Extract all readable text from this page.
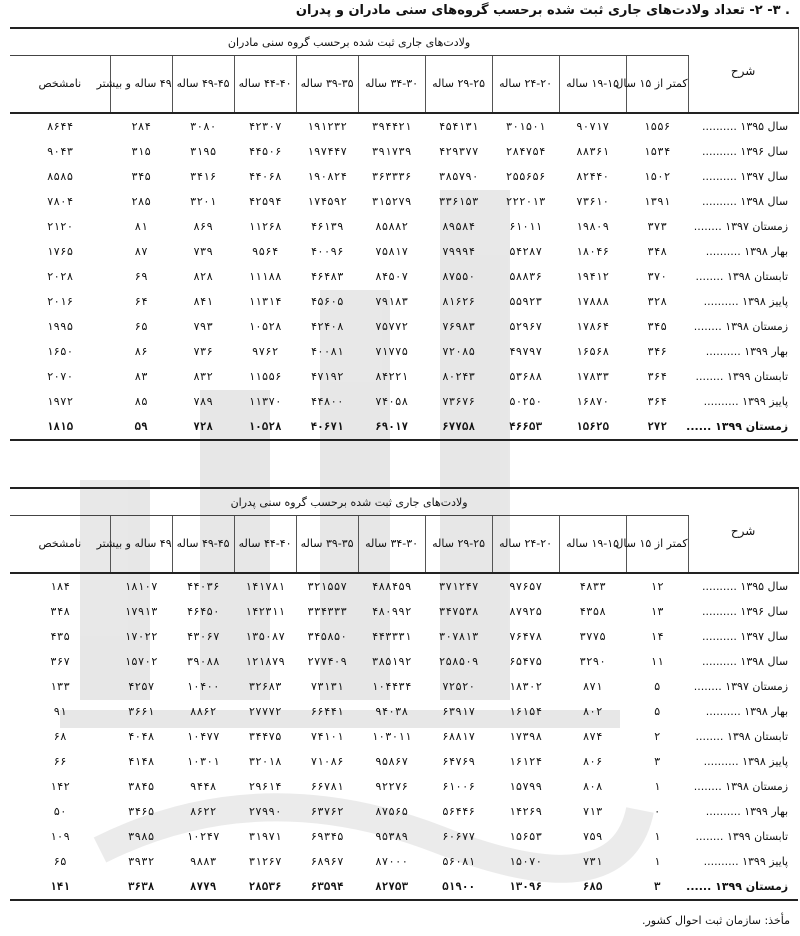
. ۳- ۲- تعداد ولادت‌های جاری ثبت شده برحسب گروه‌های سنی مادران و پدران
شرح	ولادت‌های جاری ثبت شده برحسب گروه سنی مادران									
	کمتر از ۱۵ سال	۱۹-۱۵ ساله	۲۴-۲۰ ساله	۲۹-۲۵ ساله	۳۴-۳۰ ساله	۳۹-۳۵ ساله	۴۴-۴۰ ساله	۴۹-۴۵ ساله	۴۹ ساله و بیشتر	نامشخص
سال ۱۳۹۵ ..........	۱۵۵۶	۹۰۷۱۷	۳۰۱۵۰۱	۴۵۴۱۳۱	۳۹۴۴۲۱	۱۹۱۲۳۲	۴۲۳۰۷	۳۰۸۰	۲۸۴	۸۶۴۴
سال ۱۳۹۶ ..........	۱۵۳۴	۸۸۳۶۱	۲۸۴۷۵۴	۴۲۹۳۷۷	۳۹۱۷۳۹	۱۹۷۴۴۷	۴۴۵۰۶	۳۱۹۵	۳۱۵	۹۰۴۳
سال ۱۳۹۷ ..........	۱۵۰۲	۸۲۴۴۰	۲۵۵۶۵۶	۳۸۵۷۹۰	۳۶۳۳۳۶	۱۹۰۸۲۴	۴۴۰۶۸	۳۴۱۶	۳۴۵	۸۵۸۵
سال ۱۳۹۸ ..........	۱۳۹۱	۷۳۶۱۰	۲۲۲۰۱۳	۳۳۶۱۵۳	۳۱۵۲۷۹	۱۷۴۵۹۲	۴۲۵۹۴	۳۲۰۱	۲۸۵	۷۸۰۴
زمستان ۱۳۹۷ ........	۳۷۳	۱۹۸۰۹	۶۱۰۱۱	۸۹۵۸۴	۸۵۸۸۲	۴۶۱۳۹	۱۱۲۶۸	۸۶۹	۸۱	۲۱۲۰
بهار ۱۳۹۸ ..........	۳۴۸	۱۸۰۴۶	۵۴۲۸۷	۷۹۹۹۴	۷۵۸۱۷	۴۰۰۹۶	۹۵۶۴	۷۳۹	۸۷	۱۷۶۵
تابستان ۱۳۹۸ ........	۳۷۰	۱۹۴۱۲	۵۸۸۳۶	۸۷۵۵۰	۸۴۵۰۷	۴۶۴۸۳	۱۱۱۸۸	۸۲۸	۶۹	۲۰۲۸
پاییز ۱۳۹۸ ..........	۳۲۸	۱۷۸۸۸	۵۵۹۲۳	۸۱۶۲۶	۷۹۱۸۳	۴۵۶۰۵	۱۱۳۱۴	۸۴۱	۶۴	۲۰۱۶
زمستان ۱۳۹۸ ........	۳۴۵	۱۷۸۶۴	۵۲۹۶۷	۷۶۹۸۳	۷۵۷۷۲	۴۲۴۰۸	۱۰۵۲۸	۷۹۳	۶۵	۱۹۹۵
بهار ۱۳۹۹ ..........	۳۴۶	۱۶۵۶۸	۴۹۷۹۷	۷۲۰۸۵	۷۱۷۷۵	۴۰۰۸۱	۹۷۶۲	۷۳۶	۸۶	۱۶۵۰
تابستان ۱۳۹۹ ........	۳۶۴	۱۷۸۳۳	۵۳۶۸۸	۸۰۲۴۳	۸۴۲۲۱	۴۷۱۹۲	۱۱۵۵۶	۸۳۲	۸۳	۲۰۷۰
پاییز ۱۳۹۹ ..........	۳۶۴	۱۶۸۷۰	۵۰۲۵۰	۷۳۶۷۶	۷۴۰۵۸	۴۴۸۰۰	۱۱۳۷۰	۷۸۹	۸۵	۱۹۷۲
زمستان ۱۳۹۹ ......	۲۷۲	۱۵۶۲۵	۴۶۶۵۳	۶۷۷۵۸	۶۹۰۱۷	۴۰۶۷۱	۱۰۵۲۸	۷۲۸	۵۹	۱۸۱۵
شرح	ولادت‌های جاری ثبت شده برحسب گروه سنی پدران									
	کمتر از ۱۵ سال	۱۹-۱۵ ساله	۲۴-۲۰ ساله	۲۹-۲۵ ساله	۳۴-۳۰ ساله	۳۹-۳۵ ساله	۴۴-۴۰ ساله	۴۹-۴۵ ساله	۴۹ ساله و بیشتر	نامشخص
سال ۱۳۹۵ ..........	۱۲	۴۸۳۳	۹۷۶۵۷	۳۷۱۲۴۷	۴۸۸۴۵۹	۳۲۱۵۵۷	۱۴۱۷۸۱	۴۴۰۳۶	۱۸۱۰۷	۱۸۴
سال ۱۳۹۶ ..........	۱۳	۴۳۵۸	۸۷۹۲۵	۳۴۷۵۳۸	۴۸۰۹۹۲	۳۳۴۳۳۳	۱۴۲۳۱۱	۴۶۴۵۰	۱۷۹۱۳	۳۴۸
سال ۱۳۹۷ ..........	۱۴	۳۷۷۵	۷۶۴۷۸	۳۰۷۸۱۳	۴۴۳۳۳۱	۳۴۵۸۵۰	۱۳۵۰۸۷	۴۳۰۶۷	۱۷۰۲۲	۴۳۵
سال ۱۳۹۸ ..........	۱۱	۳۲۹۰	۶۵۴۷۵	۲۵۸۵۰۹	۳۸۵۱۹۲	۲۷۷۴۰۹	۱۲۱۸۷۹	۳۹۰۸۸	۱۵۷۰۲	۳۶۷
زمستان ۱۳۹۷ ........	۵	۸۷۱	۱۸۳۰۲	۷۲۵۲۰	۱۰۴۴۳۴	۷۳۱۳۱	۳۲۶۸۳	۱۰۴۰۰	۴۲۵۷	۱۳۳
بهار ۱۳۹۸ ..........	۵	۸۰۲	۱۶۱۵۴	۶۳۹۱۷	۹۴۰۳۸	۶۶۴۴۱	۲۷۷۷۲	۸۸۶۲	۳۶۶۱	۹۱
تابستان ۱۳۹۸ ........	۲	۸۷۴	۱۷۳۹۸	۶۸۸۱۷	۱۰۳۰۱۱	۷۴۱۰۱	۳۴۴۷۵	۱۰۴۷۷	۴۰۴۸	۶۸
پاییز ۱۳۹۸ ..........	۳	۸۰۶	۱۶۱۲۴	۶۴۷۶۹	۹۵۸۶۷	۷۱۰۸۶	۳۲۰۱۸	۱۰۳۰۱	۴۱۴۸	۶۶
زمستان ۱۳۹۸ ........	۱	۸۰۸	۱۵۷۹۹	۶۱۰۰۶	۹۲۲۷۶	۶۶۷۸۱	۲۹۶۱۴	۹۴۴۸	۳۸۴۵	۱۴۲
بهار ۱۳۹۹ ..........	۰	۷۱۳	۱۴۲۶۹	۵۶۴۴۶	۸۷۵۶۵	۶۳۷۶۲	۲۷۹۹۰	۸۶۲۲	۳۴۶۵	۵۰
تابستان ۱۳۹۹ ........	۱	۷۵۹	۱۵۶۵۳	۶۰۶۷۷	۹۵۳۸۹	۶۹۳۴۵	۳۱۹۷۱	۱۰۲۴۷	۳۹۸۵	۱۰۹
پاییز ۱۳۹۹ ..........	۱	۷۳۱	۱۵۰۷۰	۵۶۰۸۱	۸۷۰۰۰	۶۸۹۶۷	۳۱۲۶۷	۹۸۸۳	۳۹۳۲	۶۵
زمستان ۱۳۹۹ ......	۳	۶۸۵	۱۳۰۹۶	۵۱۹۰۰	۸۲۷۵۳	۶۳۵۹۴	۲۸۵۳۶	۸۷۷۹	۳۶۳۸	۱۴۱
مأخذ: سازمان ثبت احوال کشور.
